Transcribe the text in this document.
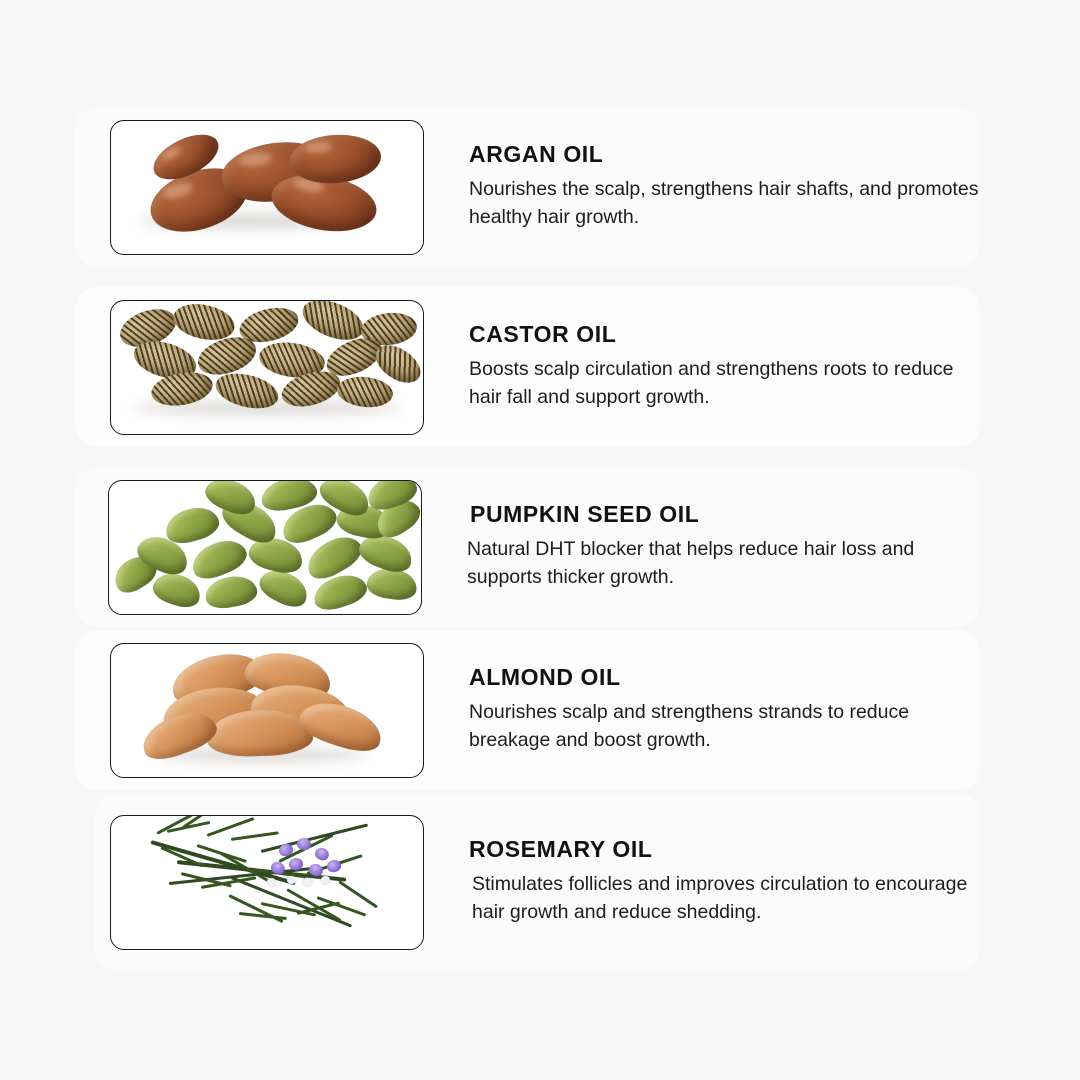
ARGAN OIL
Nourishes the scalp, strengthens hair shafts, and promotes healthy hair growth.
CASTOR OIL
Boosts scalp circulation and strengthens roots to reduce hair fall and support growth.
PUMPKIN SEED OIL
Natural DHT blocker that helps reduce hair loss and supports thicker growth.
ALMOND OIL
Nourishes scalp and strengthens strands to reduce breakage and boost growth.
ROSEMARY OIL
Stimulates follicles and improves circulation to encourage hair growth and reduce shedding.
